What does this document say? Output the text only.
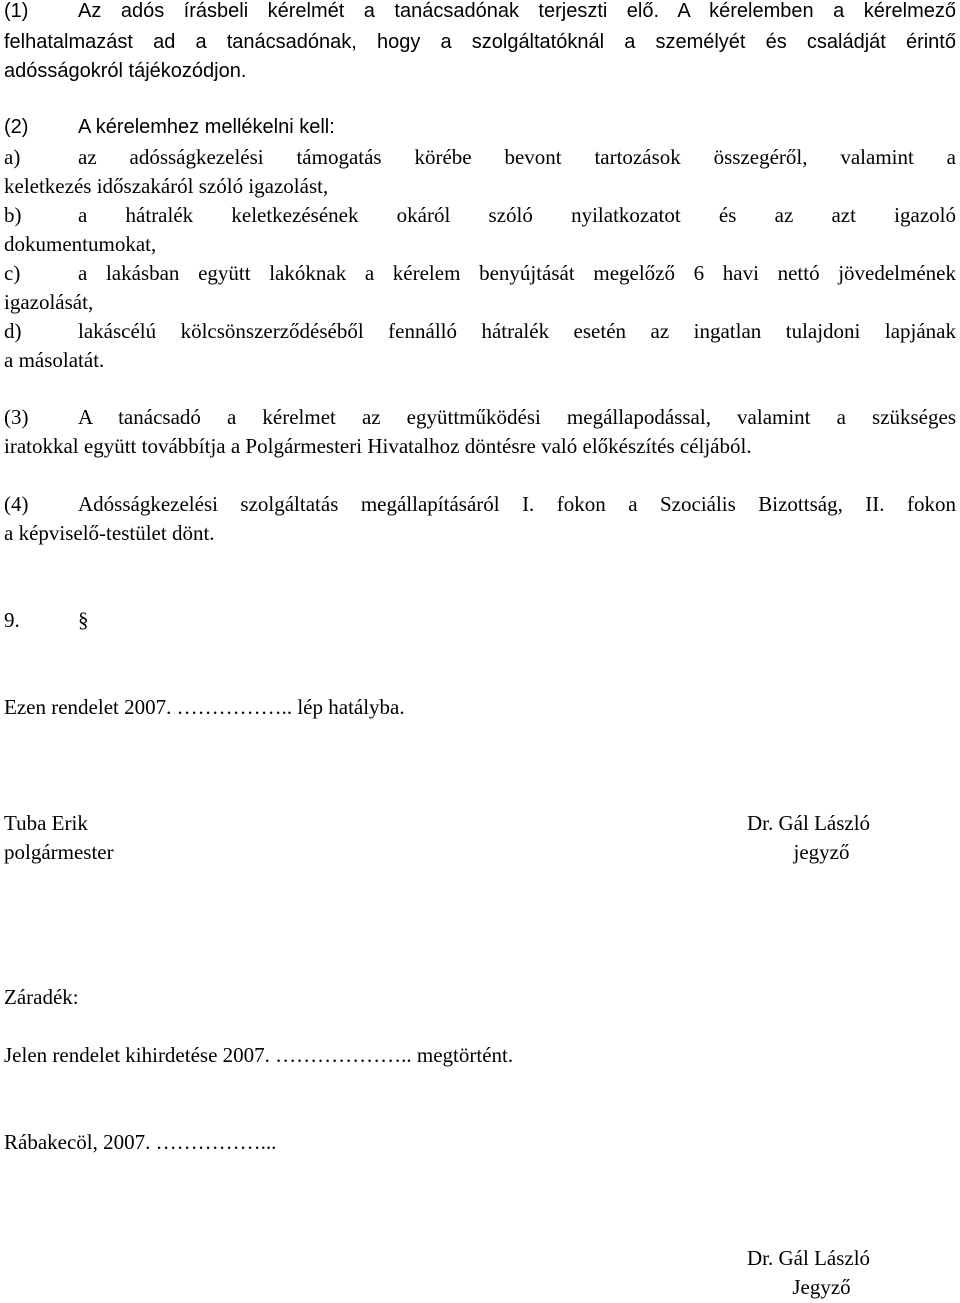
(1) Az adós írásbeli kérelmét a tanácsadónak terjeszti elő. A kérelemben a kérelmező
felhatalmazást ad a tanácsadónak, hogy a szolgáltatóknál a személyét és családját érintő
adósságokról tájékozódjon.
(2) A kérelemhez mellékelni kell:
a)	az adósságkezelési támogatás körébe bevont tartozások összegéről, valamint a
keletkezés időszakáról szóló igazolást,
b)	a hátralék keletkezésének okáról szóló nyilatkozatot és az azt igazoló
dokumentumokat,
c)	a lakásban együtt lakóknak a kérelem benyújtását megelőző 6 havi nettó jövedelmének
igazolását,
d)	lakáscélú kölcsönszerződéséből fennálló hátralék esetén az ingatlan tulajdoni lapjának
a másolatát.
(3) A tanácsadó a kérelmet az együttműködési megállapodással, valamint a szükséges
iratokkal együtt továbbítja a Polgármesteri Hivatalhoz döntésre való előkészítés céljából.
(4) Adósságkezelési szolgáltatás megállapításáról I. fokon a Szociális Bizottság, II. fokon
a képviselő-testület dönt.
9.	§
Ezen rendelet 2007. …………….. lép hatályba.
Tuba Erik
polgármester
Dr. Gál László
jegyző
Záradék:
Jelen rendelet kihirdetése 2007. ……………….. megtörtént.
Rábakecöl, 2007. ……………...
Dr. Gál László
Jegyző
